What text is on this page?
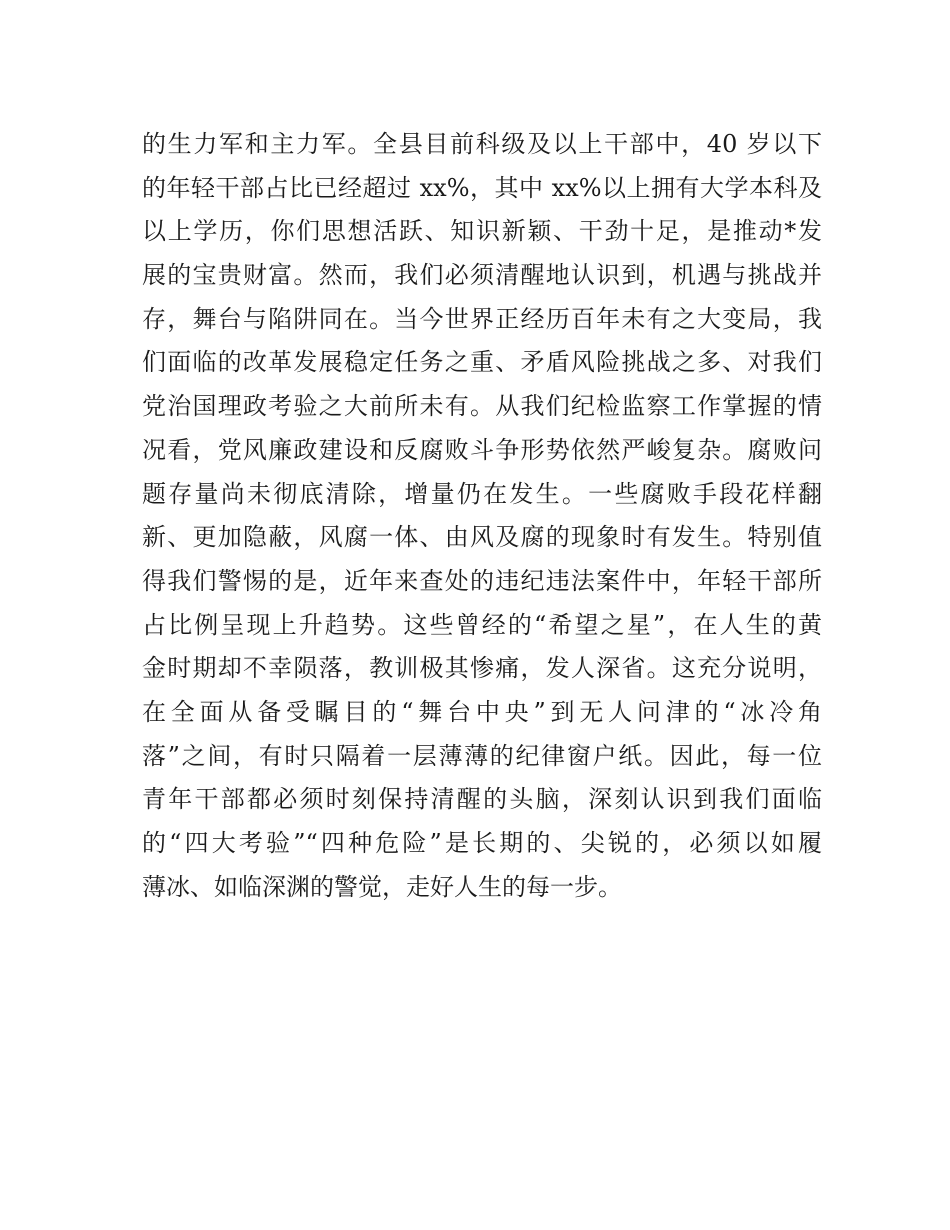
的生力军和主力军。全县目前科级及以上干部中，40 岁以下
的年轻干部占比已经超过 xx%，其中 xx%以上拥有大学本科及
以上学历，你们思想活跃、知识新颖、干劲十足，是推动*发
展的宝贵财富。然而，我们必须清醒地认识到，机遇与挑战并
存，舞台与陷阱同在。当今世界正经历百年未有之大变局，我
们面临的改革发展稳定任务之重、矛盾风险挑战之多、对我们
党治国理政考验之大前所未有。从我们纪检监察工作掌握的情
况看，党风廉政建设和反腐败斗争形势依然严峻复杂。腐败问
题存量尚未彻底清除，增量仍在发生。一些腐败手段花样翻
新、更加隐蔽，风腐一体、由风及腐的现象时有发生。特别值
得我们警惕的是，近年来查处的违纪违法案件中，年轻干部所
占比例呈现上升趋势。这些曾经的“希望之星”，在人生的黄
金时期却不幸陨落，教训极其惨痛，发人深省。这充分说明，
在全面从备受瞩目的“舞台中央”到无人问津的“冰冷角
落”之间，有时只隔着一层薄薄的纪律窗户纸。因此，每一位
青年干部都必须时刻保持清醒的头脑，深刻认识到我们面临
的“四大考验”“四种危险”是长期的、尖锐的，必须以如履
薄冰、如临深渊的警觉，走好人生的每一步。
